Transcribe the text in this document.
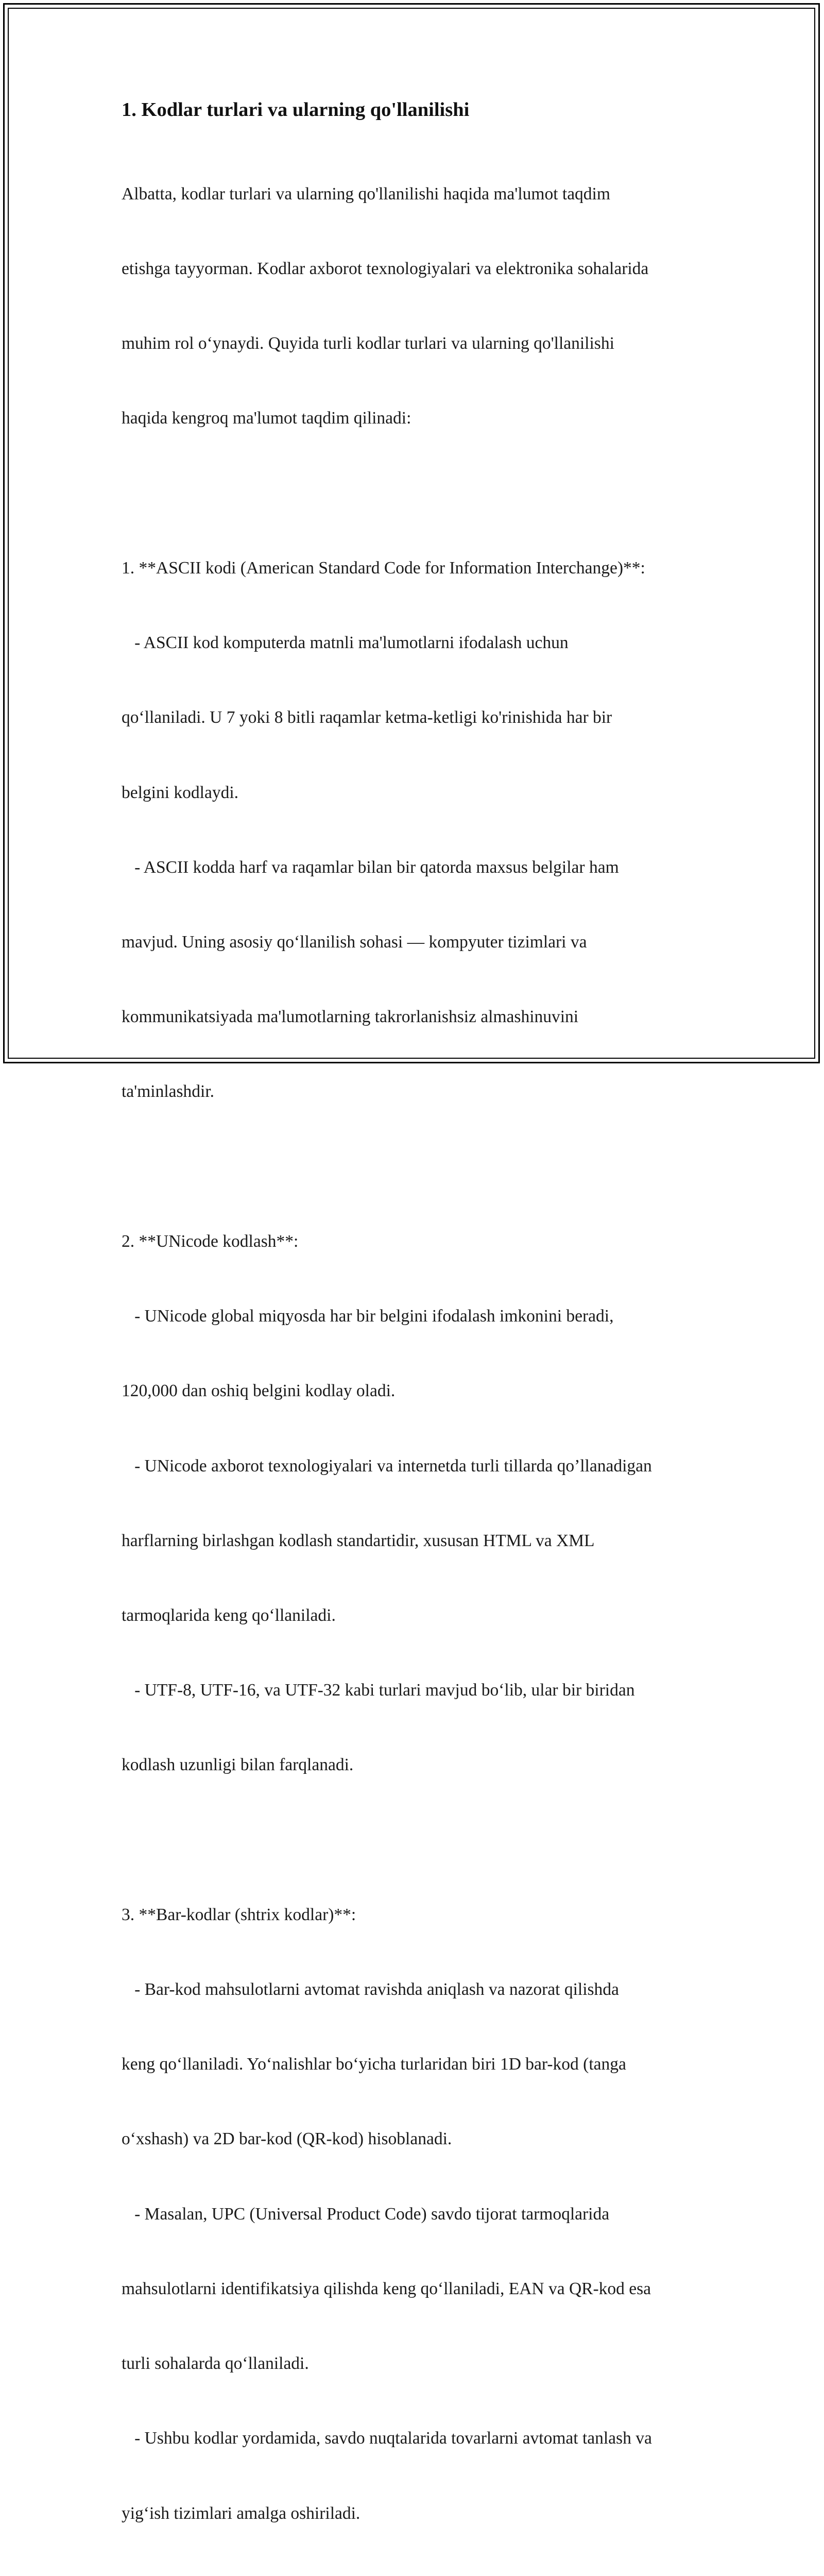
1. Kodlar turlari va ularning qo'llanilishi

Albatta, kodlar turlari va ularning qo'llanilishi haqida ma'lumot taqdim

etishga tayyorman. Kodlar axborot texnologiyalari va elektronika sohalarida

muhim rol o‘ynaydi. Quyida turli kodlar turlari va ularning qo'llanilishi

haqida kengroq ma'lumot taqdim qilinadi:

1. **ASCII kodi (American Standard Code for Information Interchange)**:

- ASCII kod komputerda matnli ma'lumotlarni ifodalash uchun

qo‘llaniladi. U 7 yoki 8 bitli raqamlar ketma-ketligi ko'rinishida har bir

belgini kodlaydi.

- ASCII kodda harf va raqamlar bilan bir qatorda maxsus belgilar ham

mavjud. Uning asosiy qo‘llanilish sohasi — kompyuter tizimlari va

kommunikatsiyada ma'lumotlarning takrorlanishsiz almashinuvini

ta'minlashdir.

2. **UNicode kodlash**:

- UNicode global miqyosda har bir belgini ifodalash imkonini beradi,

120,000 dan oshiq belgini kodlay oladi.

- UNicode axborot texnologiyalari va internetda turli tillarda qo’llanadigan

harflarning birlashgan kodlash standartidir, xususan HTML va XML

tarmoqlarida keng qo‘llaniladi.

- UTF-8, UTF-16, va UTF-32 kabi turlari mavjud bo‘lib, ular bir biridan

kodlash uzunligi bilan farqlanadi.

3. **Bar-kodlar (shtrix kodlar)**:

- Bar-kod mahsulotlarni avtomat ravishda aniqlash va nazorat qilishda

keng qo‘llaniladi. Yo‘nalishlar bo‘yicha turlaridan biri 1D bar-kod (tanga

o‘xshash) va 2D bar-kod (QR-kod) hisoblanadi.

- Masalan, UPC (Universal Product Code) savdo tijorat tarmoqlarida

mahsulotlarni identifikatsiya qilishda keng qo‘llaniladi, EAN va QR-kod esa

turli sohalarda qo‘llaniladi.

- Ushbu kodlar yordamida, savdo nuqtalarida tovarlarni avtomat tanlash va

yig‘ish tizimlari amalga oshiriladi.
